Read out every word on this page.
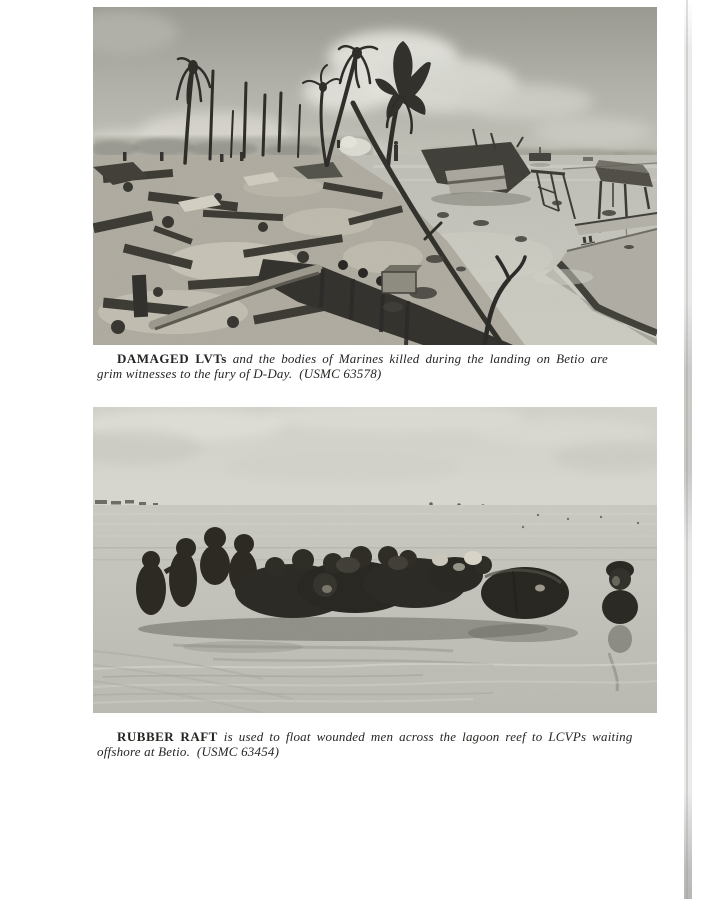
DAMAGED LVTs and the bodies of Marines killed during the landing on Betio are
grim witnesses to the fury of D-Day.  (USMC 63578)
RUBBER RAFT is used to float wounded men across the lagoon reef to LCVPs waiting
offshore at Betio.  (USMC 63454)
